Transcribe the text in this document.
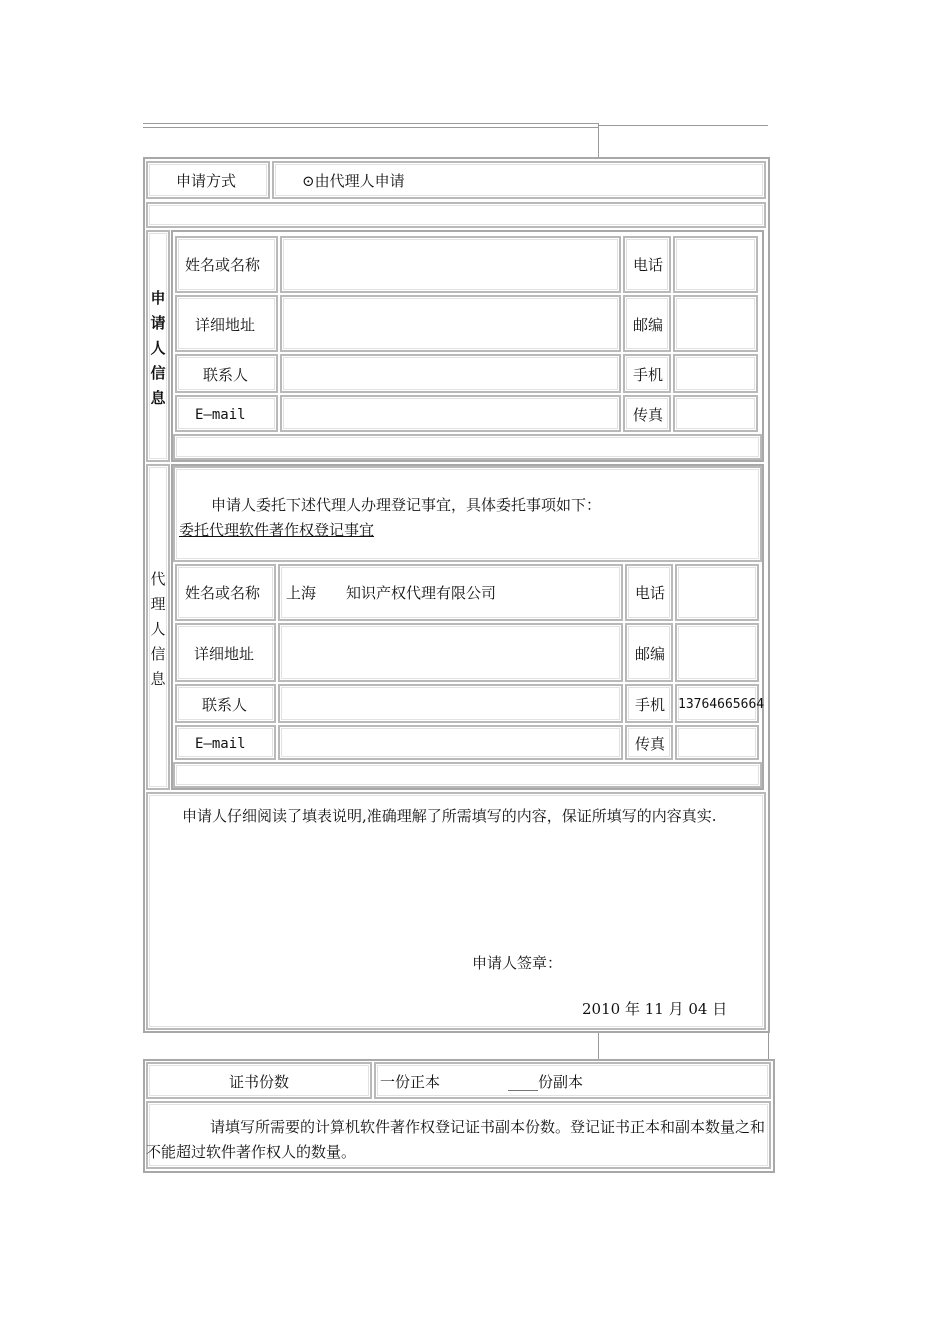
申请方式	⊙由代理人申请
申
请
人
信
息
姓名或名称	电话
详细地址	邮编
联系人	手机
E—mail	传真
代
理
人
信
息
申请人委托下述代理人办理登记事宜，具体委托事项如下：
委托代理软件著作权登记事宜
姓名或名称 上海　　知识产权代理有限公司	电话
详细地址	邮编
联系人	手机 13764665664
E—mail	传真
申请人仔细阅读了填表说明,准确理解了所需填写的内容，保证所填写的内容真实.
申请人签章：
2010 年 11 月 04 日
证书份数	一份正本	____份副本
请填写所需要的计算机软件著作权登记证书副本份数。登记证书正本和副本数量之和不能超过软件著作权人的数量。
